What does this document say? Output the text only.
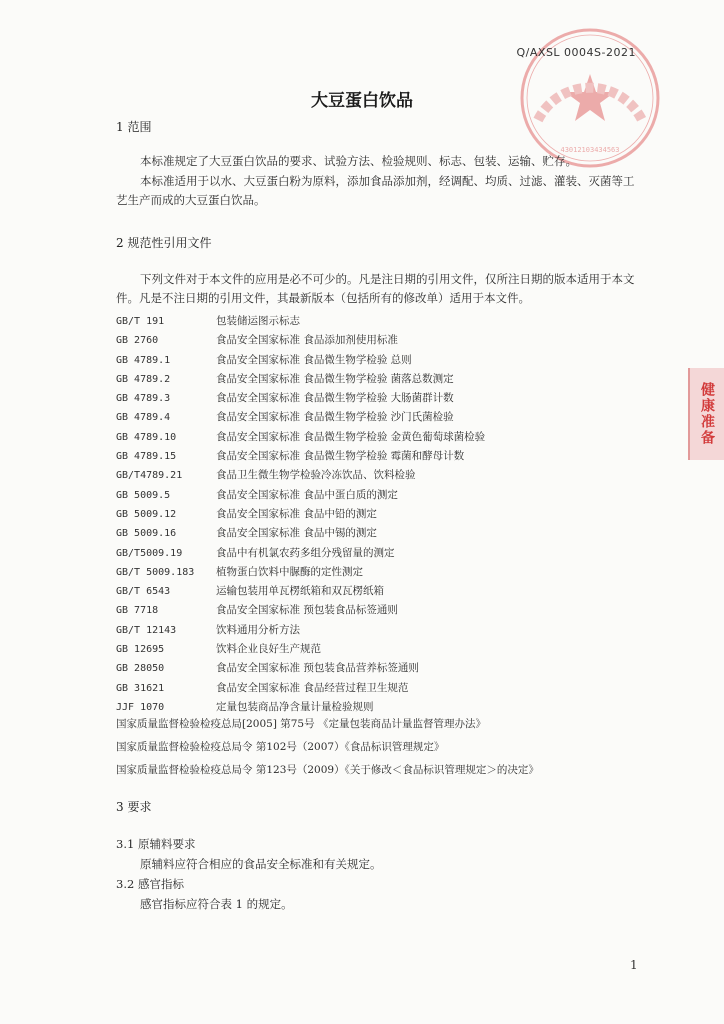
43012103434563
健康准备
Q/AXSL 0004S-2021
大豆蛋白饮品
1 范围
本标准规定了大豆蛋白饮品的要求、试验方法、检验规则、标志、包装、运输、贮存。
本标准适用于以水、大豆蛋白粉为原料，添加食品添加剂，经调配、均质、过滤、灌装、灭菌等工艺生产而成的大豆蛋白饮品。
2 规范性引用文件
下列文件对于本文件的应用是必不可少的。凡是注日期的引用文件，仅所注日期的版本适用于本文件。凡是不注日期的引用文件，其最新版本（包括所有的修改单）适用于本文件。
GB/T 191	包装储运图示标志
GB 2760	食品安全国家标准 食品添加剂使用标准
GB 4789.1	食品安全国家标准 食品微生物学检验 总则
GB 4789.2	食品安全国家标准 食品微生物学检验 菌落总数测定
GB 4789.3	食品安全国家标准 食品微生物学检验 大肠菌群计数
GB 4789.4	食品安全国家标准 食品微生物学检验 沙门氏菌检验
GB 4789.10	食品安全国家标准 食品微生物学检验 金黄色葡萄球菌检验
GB 4789.15	食品安全国家标准 食品微生物学检验 霉菌和酵母计数
GB/T4789.21	食品卫生微生物学检验冷冻饮品、饮料检验
GB 5009.5	食品安全国家标准 食品中蛋白质的测定
GB 5009.12	食品安全国家标准 食品中铅的测定
GB 5009.16	食品安全国家标准 食品中锡的测定
GB/T5009.19	食品中有机氯农药多组分残留量的测定
GB/T 5009.183 植物蛋白饮料中脲酶的定性测定
GB/T 6543	运输包装用单瓦楞纸箱和双瓦楞纸箱
GB 7718	食品安全国家标准 预包装食品标签通则
GB/T 12143	饮料通用分析方法
GB 12695	饮料企业良好生产规范
GB 28050	食品安全国家标准 预包装食品营养标签通则
GB 31621	食品安全国家标准 食品经营过程卫生规范
JJF 1070	定量包装商品净含量计量检验规则
国家质量监督检验检疫总局[2005] 第75号 《定量包装商品计量监督管理办法》
国家质量监督检验检疫总局令 第102号（2007）《食品标识管理规定》
国家质量监督检验检疫总局令 第123号（2009）《关于修改＜食品标识管理规定＞的决定》
3 要求
3.1 原辅料要求
原辅料应符合相应的食品安全标准和有关规定。
3.2 感官指标
感官指标应符合表 1 的规定。
1
